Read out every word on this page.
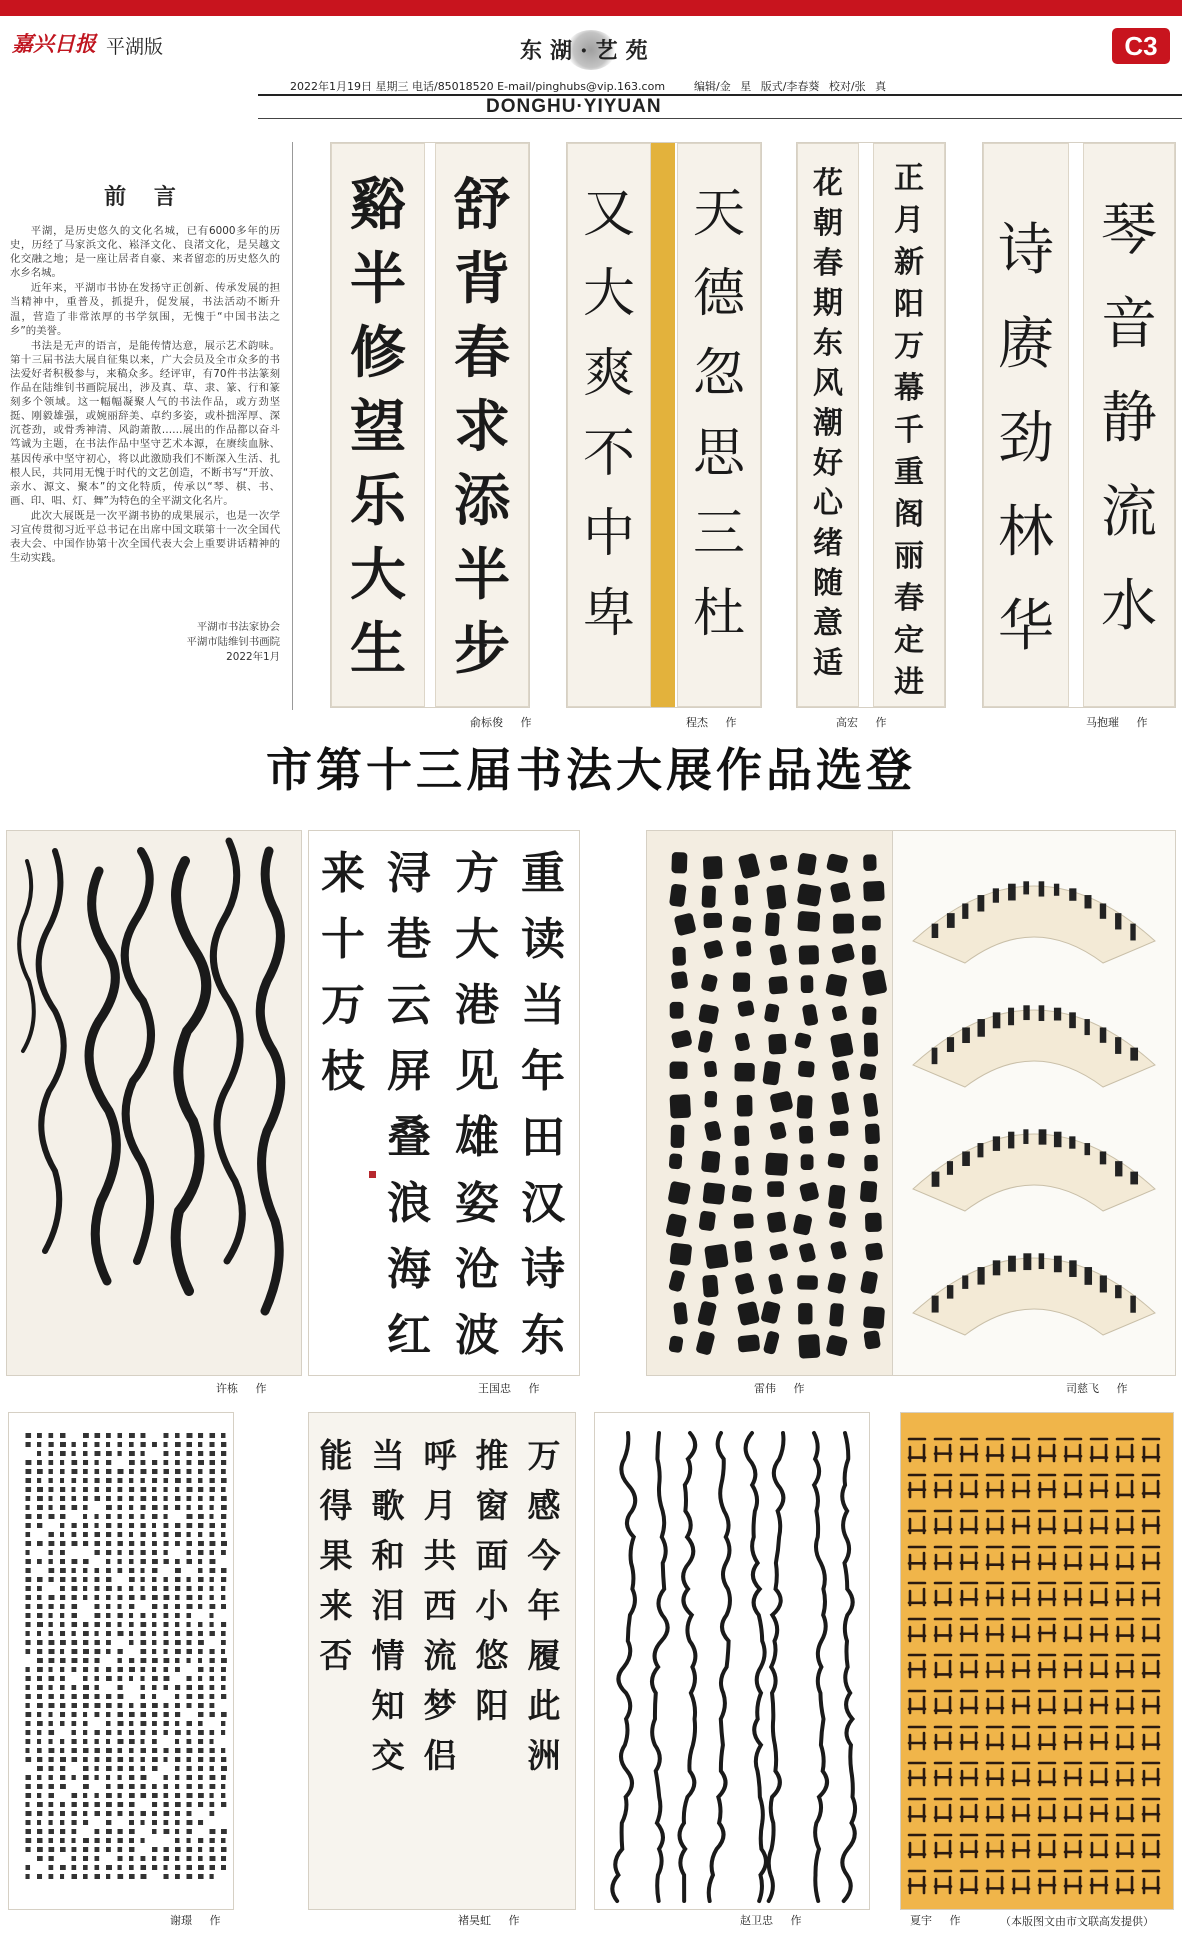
嘉兴日报 平湖版	东湖·艺苑	C3
2022年1月19日 星期三 电话/85018520 E-mail/pinghubs@vip.163.com	编辑/金 星 版式/李春葵 校对/张 真
DONGHU·YIYUAN
前 言

平湖，是历史悠久的文化名城，已有6000多年的历史，历经了马家浜文化、崧泽文化、良渚文化，是吴越文化交融之地；是一座让居者自豪、来者留恋的历史悠久的水乡名城。

近年来，平湖市书协在发扬守正创新、传承发展的担当精神中，重普及，抓提升，促发展，书法活动不断升温，营造了非常浓厚的书学氛围，无愧于“中国书法之乡”的美誉。

书法是无声的语言，是能传情达意，展示艺术韵味。第十三届书法大展自征集以来，广大会员及全市众多的书法爱好者积极参与，来稿众多。经评审，有70件书法篆刻作品在陆维钊书画院展出，涉及真、草、隶、篆、行和篆刻多个领域。这一幅幅凝聚人气的书法作品，或方劲坚挺、刚毅雄强，或婉丽辞美、卓约多姿，或朴拙浑厚、深沉苍劲，或骨秀神清、风韵萧散……展出的作品都以奋斗笃诚为主题，在书法作品中坚守艺术本源，在赓续血脉、基因传承中坚守初心，将以此激励我们不断深入生活、扎根人民，共同用无愧于时代的文艺创造，不断书写“开放、亲水、源文、聚本”的文化特质，传承以“琴、棋、书、画、印、唱、灯、舞”为特色的全平湖文化名片。

此次大展既是一次平湖书协的成果展示，也是一次学习宣传贯彻习近平总书记在出席中国文联第十一次全国代表大会、中国作协第十次全国代表大会上重要讲话精神的生动实践。

平湖市书法家协会
平湖市陆维钊书画院
2022年1月
谿
半
修
望
乐
大
生
舒
背
春
求
添
半
步
俞标俊 作
又
大
爽
不
中
卑
天
德
忽
思
三
杜
程杰 作
花
朝
春
期
东
风
潮
好
心
绪
随
意
适
正
月
新
阳
万
幕
千
重
阁
丽
春
定
进
高宏 作
诗
赓
劲
林
华
琴
音
静
流
水
马抱璀 作
市第十三届书法大展作品选登
许栋 作
来
十
万
枝
浔
巷
云
屏
叠
浪
海
红
方
大
港
见
雄
姿
沧
波
重
读
当
年
田
汉
诗
东
王国忠 作	雷伟 作	司慈飞 作
谢璟 作
能
得
果
来
否
当
歌
和
泪
情
知
交
呼
月
共
西
流
梦
侣
推
窗
面
小
悠
阳
万
感
今
年
履
此
洲
褚昊虹 作	赵卫忠 作	夏宇 作	（本版图文由市文联高发提供）
